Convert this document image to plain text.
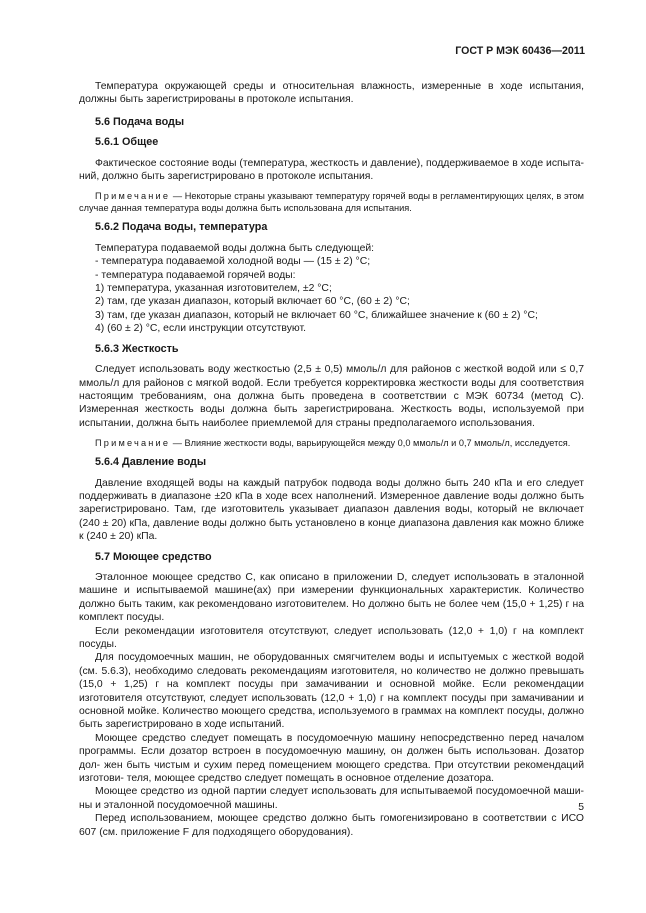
ГОСТ Р МЭК 60436—2011

Температура окружающей среды и относительная влажность, измеренные в ходе испытания, должны быть зарегистрированы в протоколе испытания.

5.6 Подача воды

5.6.1 Общее

Фактическое состояние воды (температура, жесткость и давление), поддерживаемое в ходе испыта- ний, должно быть зарегистрировано в протоколе испытания.

Примечание — Некоторые страны указывают температуру горячей воды в регламентирующих целях, в этом случае данная температура воды должна быть использована для испытания.

5.6.2 Подача воды, температура

Температура подаваемой воды должна быть следующей:

- температура подаваемой холодной воды — (15 ± 2) °С;

- температура подаваемой горячей воды:

1) температура, указанная изготовителем, ±2 °С;

2) там, где указан диапазон, который включает 60 °С, (60 ± 2) °С;

3) там, где указан диапазон, который не включает 60 °С, ближайшее значение к (60 ± 2) °С;

4) (60 ± 2) °С, если инструкции отсутствуют.

5.6.3 Жесткость

Следует использовать воду жесткостью (2,5 ± 0,5) ммоль/л для районов с жесткой водой или ≤ 0,7 ммоль/л для районов с мягкой водой. Если требуется корректировка жесткости воды для соответствия настоящим требованиям, она должна быть проведена в соответствии с МЭК 60734 (метод С). Измеренная жесткость воды должна быть зарегистрирована. Жесткость воды, используемой при испытании, должна быть наиболее приемлемой для страны предполагаемого использования.

Примечание — Влияние жесткости воды, варьирующейся между 0,0 ммоль/л и 0,7 ммоль/л, исследуется.

5.6.4 Давление воды

Давление входящей воды на каждый патрубок подвода воды должно быть 240 кПа и его следует поддерживать в диапазоне ±20 кПа в ходе всех наполнений. Измеренное давление воды должно быть зарегистрировано. Там, где изготовитель указывает диапазон давления воды, который не включает (240 ± 20) кПа, давление воды должно быть установлено в конце диапазона давления как можно ближе к (240 ± 20) кПа.

5.7 Моющее средство

Эталонное моющее средство С, как описано в приложении D, следует использовать в эталонной машине и испытываемой машине(ах) при измерении функциональных характеристик. Количество должно быть таким, как рекомендовано изготовителем. Но должно быть не более чем (15,0 + 1,25) г на комплект посуды.

Если рекомендации изготовителя отсутствуют, следует использовать (12,0 + 1,0) г на комплект посуды.

Для посудомоечных машин, не оборудованных смягчителем воды и испытуемых с жесткой водой (см. 5.6.3), необходимо следовать рекомендациям изготовителя, но количество не должно превышать (15,0 + 1,25) г на комплект посуды при замачивании и основной мойке. Если рекомендации изготовителя отсутствуют, следует использовать (12,0 + 1,0) г на комплект посуды при замачивании и основной мойке. Количество моющего средства, используемого в граммах на комплект посуды, должно быть зарегистрировано в ходе испытаний.

Моющее средство следует помещать в посудомоечную машину непосредственно перед началом программы. Если дозатор встроен в посудомоечную машину, он должен быть использован. Дозатор дол- жен быть чистым и сухим перед помещением моющего средства. При отсутствии рекомендаций изготови- теля, моющее средство следует помещать в основное отделение дозатора.

Моющее средство из одной партии следует использовать для испытываемой посудомоечной маши- ны и эталонной посудомоечной машины.

Перед использованием, моющее средство должно быть гомогенизировано в соответствии с ИСО 607 (см. приложение F для подходящего оборудования).

5
